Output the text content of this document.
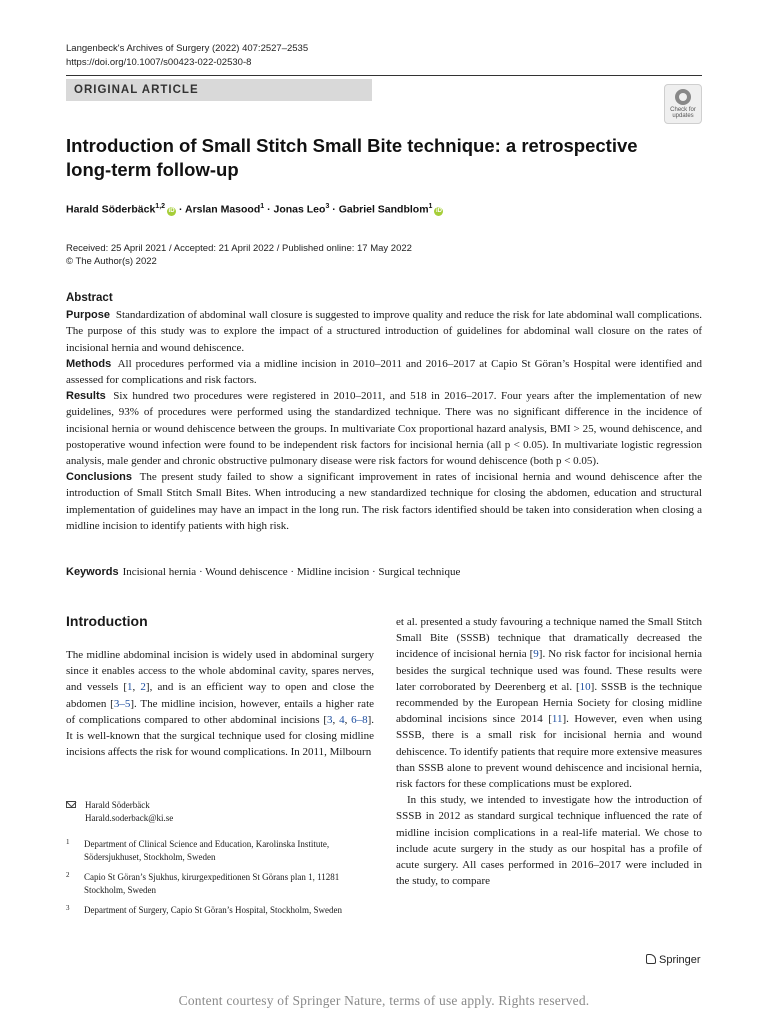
Langenbeck's Archives of Surgery (2022) 407:2527–2535
https://doi.org/10.1007/s00423-022-02530-8
ORIGINAL ARTICLE
Check for updates
Introduction of Small Stitch Small Bite technique: a retrospective long-term follow-up
Harald Söderbäck$^{1,2}$iD · Arslan Masood$^1$ · Jonas Leo$^3$ · Gabriel Sandblom$^1$iD
Received: 25 April 2021 / Accepted: 21 April 2022 / Published online: 17 May 2022
© The Author(s) 2022
Abstract

Purpose Standardization of abdominal wall closure is suggested to improve quality and reduce the risk for late abdominal wall complications. The purpose of this study was to explore the impact of a structured introduction of guidelines for abdominal wall closure on the rates of incisional hernia and wound dehiscence.

Methods All procedures performed via a midline incision in 2010–2011 and 2016–2017 at Capio St Göran’s Hospital were identified and assessed for complications and risk factors.

Results Six hundred two procedures were registered in 2010–2011, and 518 in 2016–2017. Four years after the implementation of new guidelines, 93% of procedures were performed using the standardized technique. There was no significant difference in the incidence of incisional hernia or wound dehiscence between the groups. In multivariate Cox proportional hazard analysis, BMI > 25, wound dehiscence, and postoperative wound infection were found to be independent risk factors for incisional hernia (all p < 0.05). In multivariate logistic regression analysis, male gender and chronic obstructive pulmonary disease were risk factors for wound dehiscence (both p < 0.05).

Conclusions The present study failed to show a significant improvement in rates of incisional hernia and wound dehiscence after the introduction of Small Stitch Small Bites. When introducing a new standardized technique for closing the abdomen, education and structural implementation of guidelines may have an impact in the long run. The risk factors identified should be taken into consideration when closing a midline incision to identify patients with high risk.

Keywords Incisional hernia · Wound dehiscence · Midline incision · Surgical technique
Introduction

The midline abdominal incision is widely used in abdominal surgery since it enables access to the whole abdominal cavity, spares nerves, and vessels [1, 2], and is an efficient way to open and close the abdomen [3–5]. The midline incision, however, entails a higher rate of complications compared to other abdominal incisions [3, 4, 6–8]. It is well-known that the surgical technique used for closing midline incisions affects the risk for wound complications. In 2011, Milbourn

et al. presented a study favouring a technique named the Small Stitch Small Bite (SSSB) technique that dramatically decreased the incidence of incisional hernia [9]. No risk factor for incisional hernia besides the surgical technique used was found. These results were later corroborated by Deerenberg et al. [10]. SSSB is the technique recommended by the European Hernia Society for closing midline abdominal incisions since 2014 [11]. However, even when using SSSB, there is a small risk for incisional hernia and wound dehiscence. To identify patients that require more extensive measures than SSSB alone to prevent wound dehiscence and incisional hernia, risk factors for these complications must be explored.

In this study, we intended to investigate how the introduction of SSSB in 2012 as standard surgical technique influenced the rate of midline incision complications in a real-life material. We chose to include acute surgery in the study as our hospital has a profile of acute surgery. All cases performed in 2016–2017 were included in the study, to compare

Harald Söderbäck
Harald.soderback@ki.se
1 Department of Clinical Science and Education, Karolinska Institute, Södersjukhuset, Stockholm, Sweden
2 Capio St Göran’s Sjukhus, kirurgexpeditionen St Görans plan 1, 11281 Stockholm, Sweden
3 Department of Surgery, Capio St Göran’s Hospital, Stockholm, Sweden
Springer
Content courtesy of Springer Nature, terms of use apply. Rights reserved.
